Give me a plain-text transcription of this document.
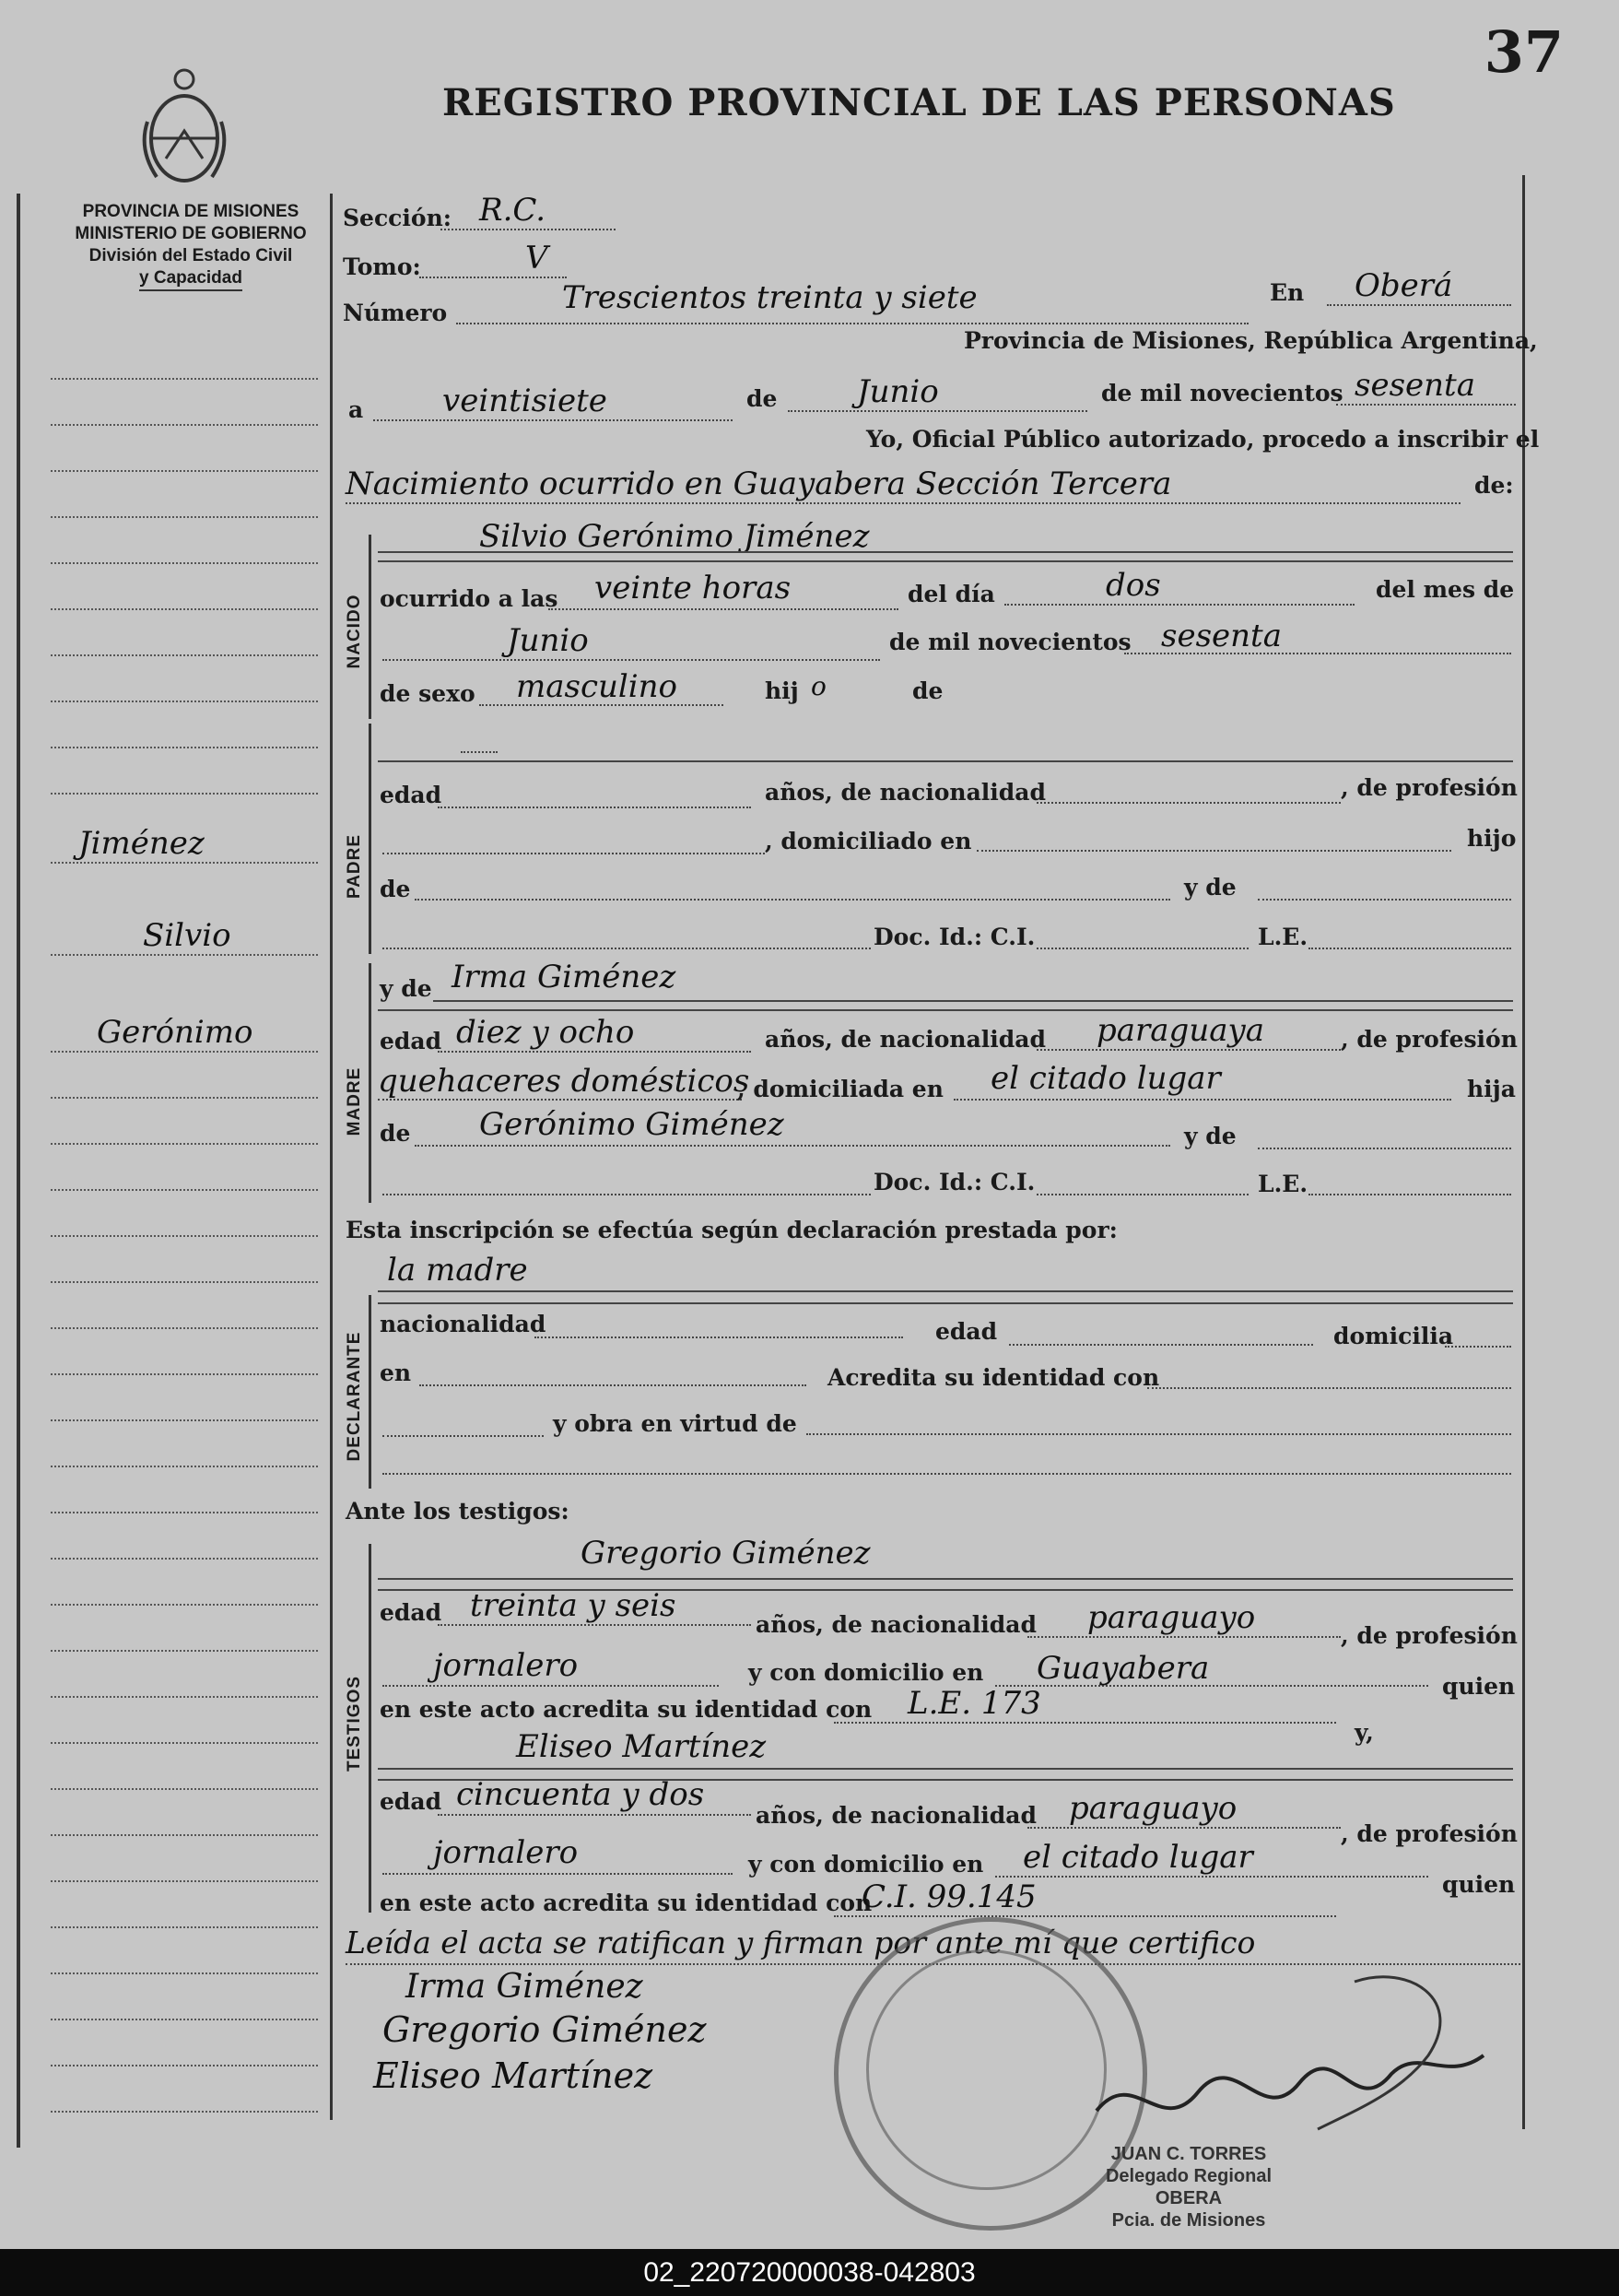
37
REGISTRO PROVINCIAL DE LAS PERSONAS
PROVINCIA DE MISIONES
MINISTERIO DE GOBIERNO
División del Estado Civil
y Capacidad
Jiménez
Silvio
Gerónimo
Sección: R.C.
Tomo:	V
Número	Trescientos treinta y siete	En Oberá
Provincia de Misiones, República Argentina,
a	veintisiete	de	Junio	de mil novecientos sesenta
Yo, Oficial Público autorizado, procedo a inscribir el
Nacimiento ocurrido en Guayabera Sección Tercera	de:
NACIDO
Silvio Gerónimo Jiménez
ocurrido a las veinte horas	del día	dos	del mes de
Junio	de mil novecientos sesenta
de sexo masculino	hij o	de
PADRE
edad	años, de nacionalidad	, de profesión
, domiciliado en	hijo
de	y de
Doc. Id.: C.I.	L.E.
MADRE
y de Irma Giménez
edad diez y ocho	años, de nacionalidad paraguaya	, de profesión
quehaceres domésticos
, domiciliada en el citado lugar	hija
de Gerónimo Giménez	y de
Doc. Id.: C.I.	L.E.
Esta inscripción se efectúa según declaración prestada por:
la madre
DECLARANTE
nacionalidad	edad	domicilia
en	Acredita su identidad con
y obra en virtud de
Ante los testigos:
TESTIGOS
Gregorio Giménez
edad treinta y seis
años, de nacionalidad paraguayo	, de profesión
jornalero	y con domicilio en Guayabera	quien
en este acto acredita su identidad con L.E. 173
y,
Eliseo Martínez
edad cincuenta y dos
años, de nacionalidad paraguayo
, de profesión
jornalero	y con domicilio en el citado lugar
quien
en este acto acredita su identidad con
C.I. 99.145
Leída el acta se ratifican y firman por ante mí que certifico
Irma Giménez
Gregorio Giménez
Eliseo Martínez
JUAN C. TORRES
Delegado Regional
OBERA
Pcia. de Misiones
02_220720000038-042803
